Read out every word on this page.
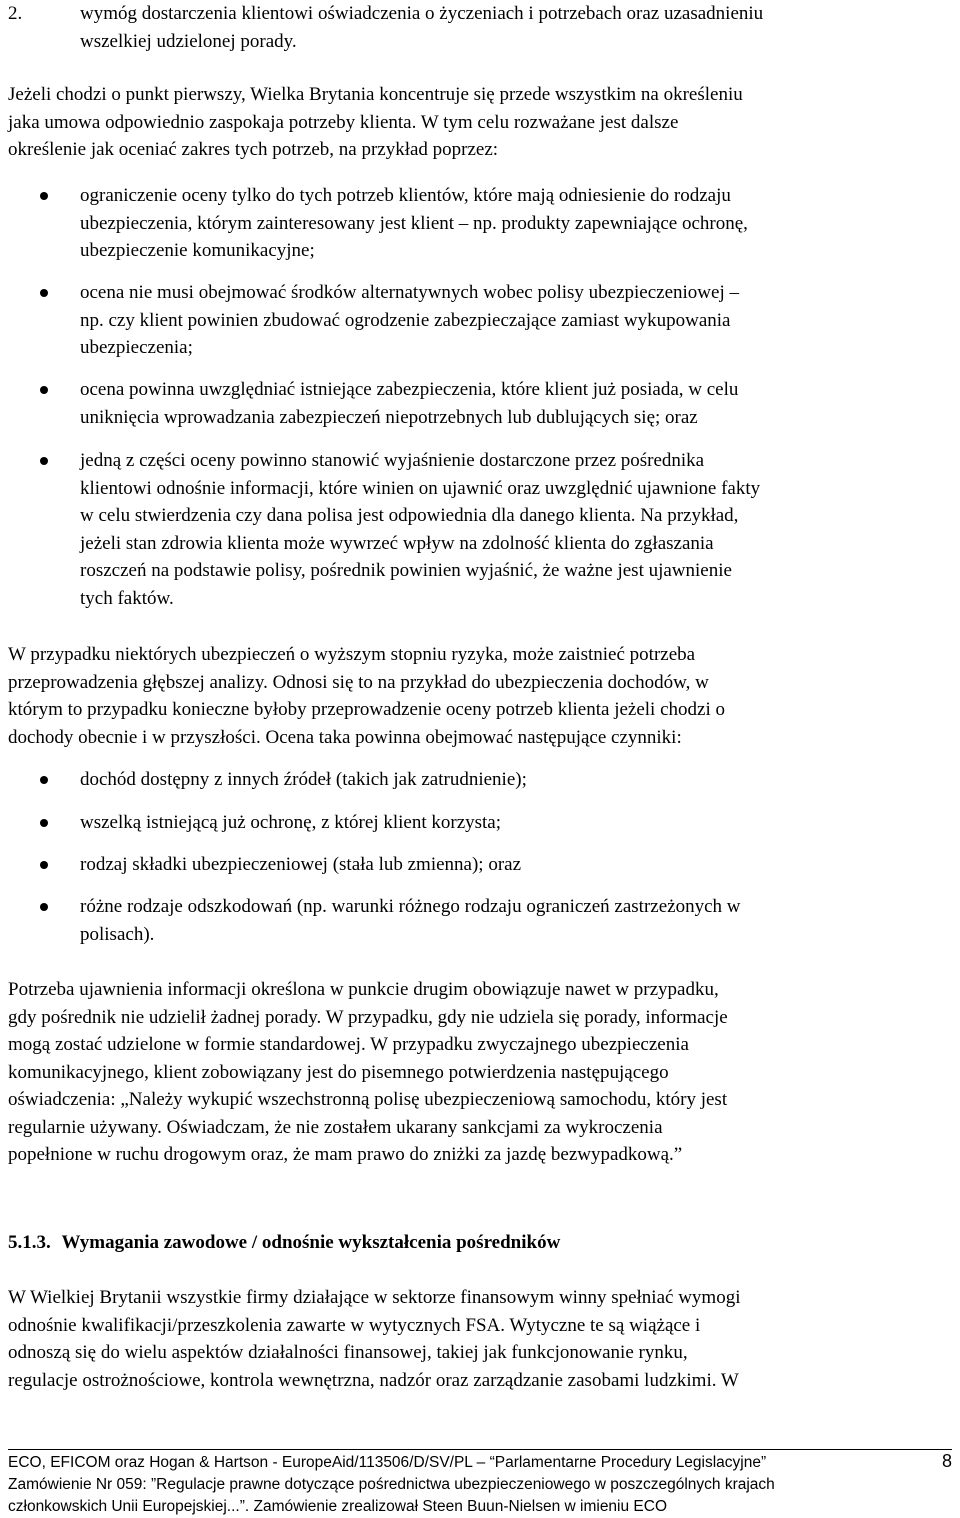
2.	wymóg dostarczenia klientowi oświadczenia o życzeniach i potrzebach oraz uzasadnieniu
wszelkiej udzielonej porady.
Jeżeli chodzi o punkt pierwszy, Wielka Brytania koncentruje się przede wszystkim na określeniu
jaka umowa odpowiednio zaspokaja potrzeby klienta. W tym celu rozważane jest dalsze
określenie jak oceniać zakres tych potrzeb, na przykład poprzez:

ograniczenie oceny tylko do tych potrzeb klientów, które mają odniesienie do rodzaju
ubezpieczenia, którym zainteresowany jest klient – np. produkty zapewniające ochronę,
ubezpieczenie komunikacyjne;

ocena nie musi obejmować środków alternatywnych wobec polisy ubezpieczeniowej –
np. czy klient powinien zbudować ogrodzenie zabezpieczające zamiast wykupowania
ubezpieczenia;

ocena powinna uwzględniać istniejące zabezpieczenia, które klient już posiada, w celu
uniknięcia wprowadzania zabezpieczeń niepotrzebnych lub dublujących się; oraz

jedną z części oceny powinno stanowić wyjaśnienie dostarczone przez pośrednika
klientowi odnośnie informacji, które winien on ujawnić oraz uwzględnić ujawnione fakty
w celu stwierdzenia czy dana polisa jest odpowiednia dla danego klienta. Na przykład,
jeżeli stan zdrowia klienta może wywrzeć wpływ na zdolność klienta do zgłaszania
roszczeń na podstawie polisy, pośrednik powinien wyjaśnić, że ważne jest ujawnienie
tych faktów.

W przypadku niektórych ubezpieczeń o wyższym stopniu ryzyka, może zaistnieć potrzeba
przeprowadzenia głębszej analizy. Odnosi się to na przykład do ubezpieczenia dochodów, w
którym to przypadku konieczne byłoby przeprowadzenie oceny potrzeb klienta jeżeli chodzi o
dochody obecnie i w przyszłości. Ocena taka powinna obejmować następujące czynniki:

dochód dostępny z innych źródeł (takich jak zatrudnienie);

wszelką istniejącą już ochronę, z której klient korzysta;

rodzaj składki ubezpieczeniowej (stała lub zmienna); oraz

różne rodzaje odszkodowań (np. warunki różnego rodzaju ograniczeń zastrzeżonych w
polisach).

Potrzeba ujawnienia informacji określona w punkcie drugim obowiązuje nawet w przypadku,
gdy pośrednik nie udzielił żadnej porady. W przypadku, gdy nie udziela się porady, informacje
mogą zostać udzielone w formie standardowej. W przypadku zwyczajnego ubezpieczenia
komunikacyjnego, klient zobowiązany jest do pisemnego potwierdzenia następującego
oświadczenia: „Należy wykupić wszechstronną polisę ubezpieczeniową samochodu, który jest
regularnie używany. Oświadczam, że nie zostałem ukarany sankcjami za wykroczenia
popełnione w ruchu drogowym oraz, że mam prawo do zniżki za jazdę bezwypadkową.”
5.1.3. Wymagania zawodowe / odnośnie wykształcenia pośredników
W Wielkiej Brytanii wszystkie firmy działające w sektorze finansowym winny spełniać wymogi
odnośnie kwalifikacji/przeszkolenia zawarte w wytycznych FSA. Wytyczne te są wiążące i
odnoszą się do wielu aspektów działalności finansowej, takiej jak funkcjonowanie rynku,
regulacje ostrożnościowe, kontrola wewnętrzna, nadzór oraz zarządzanie zasobami ludzkimi. W
ECO, EFICOM oraz Hogan & Hartson - EuropeAid/113506/D/SV/PL – “Parlamentarne Procedury Legislacyjne”
Zamówienie Nr 059: ”Regulacje prawne dotyczące pośrednictwa ubezpieczeniowego w poszczególnych krajach
członkowskich Unii Europejskiej...”. Zamówienie zrealizował Steen Buun-Nielsen w imieniu ECO
8
